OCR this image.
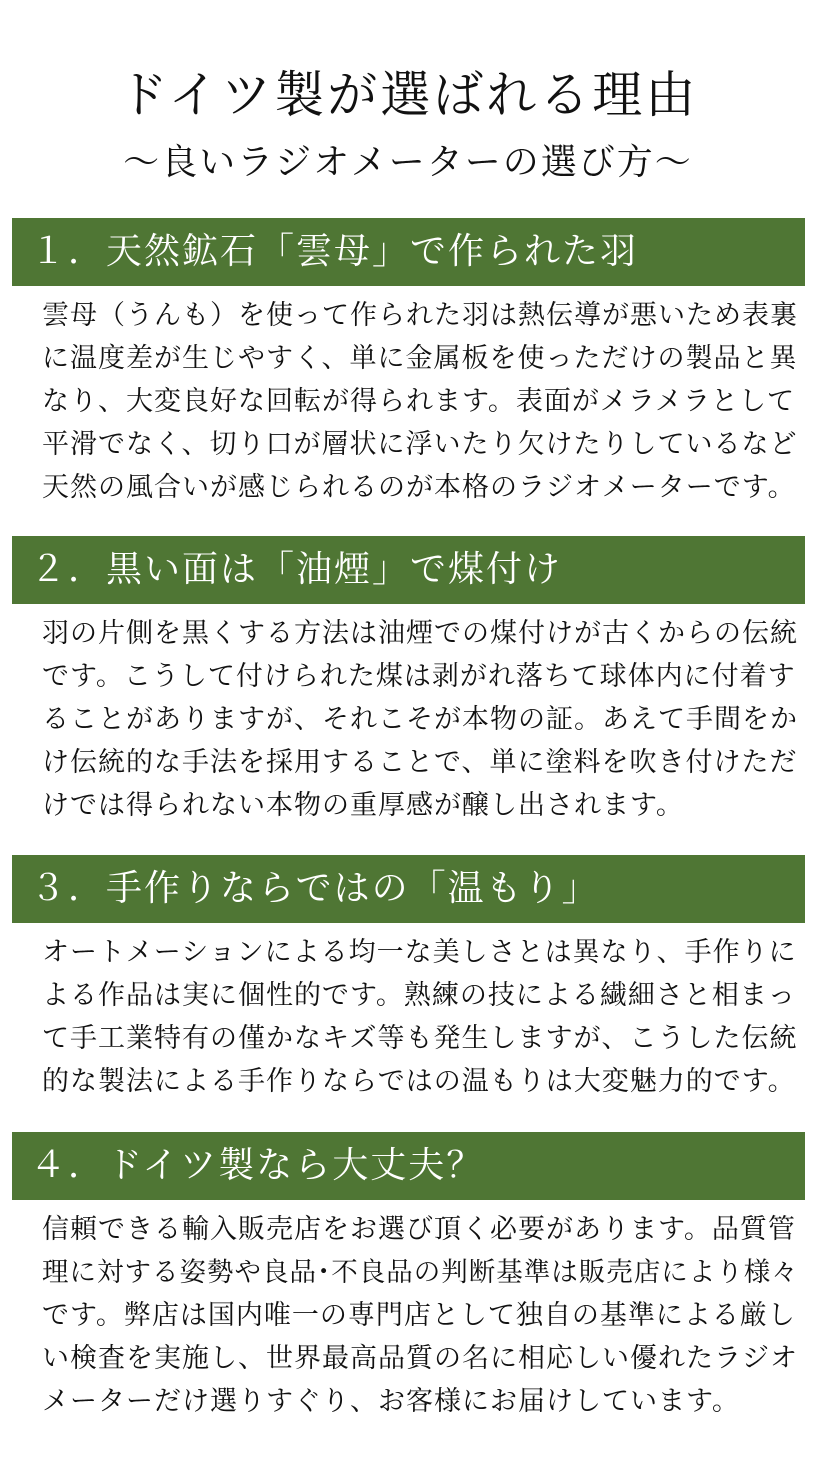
ドイツ製が選ばれる理由
～良いラジオメーターの選び方～
１．天然鉱石「雲母」で作られた羽
雲母（うんも）を使って作られた羽は熱伝導が悪いため表裏
に温度差が生じやすく、単に金属板を使っただけの製品と異
なり、大変良好な回転が得られます。表面がメラメラとして
平滑でなく、切り口が層状に浮いたり欠けたりしているなど
天然の風合いが感じられるのが本格のラジオメーターです。
２．黒い面は「油煙」で煤付け
羽の片側を黒くする方法は油煙での煤付けが古くからの伝統
です。こうして付けられた煤は剥がれ落ちて球体内に付着す
ることがありますが、それこそが本物の証。あえて手間をか
け伝統的な手法を採用することで、単に塗料を吹き付けただ
けでは得られない本物の重厚感が醸し出されます。
３．手作りならではの「温もり」
オートメーションによる均一な美しさとは異なり、手作りに
よる作品は実に個性的です。熟練の技による繊細さと相まっ
て手工業特有の僅かなキズ等も発生しますが、こうした伝統
的な製法による手作りならではの温もりは大変魅力的です。
４．ドイツ製なら大丈夫？
信頼できる輸入販売店をお選び頂く必要があります。品質管
理に対する姿勢や良品･不良品の判断基準は販売店により様々
です。弊店は国内唯一の専門店として独自の基準による厳し
い検査を実施し、世界最高品質の名に相応しい優れたラジオ
メーターだけ選りすぐり、お客様にお届けしています。
